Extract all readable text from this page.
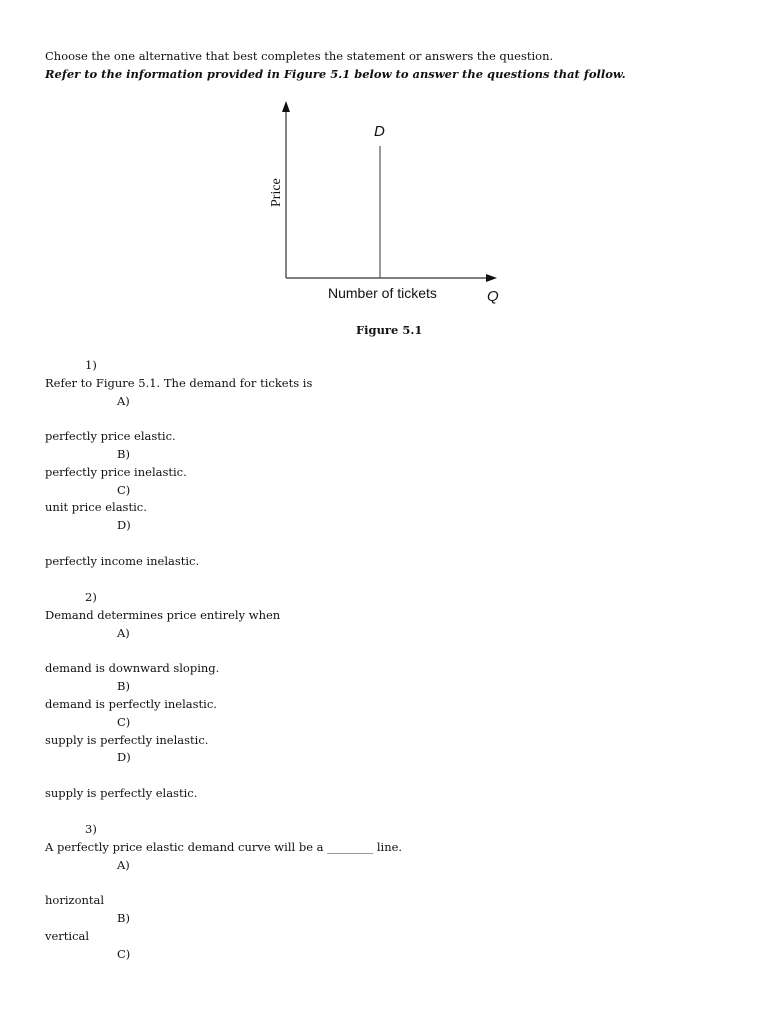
Choose the one alternative that best completes the statement or answers the question.
Refer to the information provided in Figure 5.1 below to answer the questions that follow.
D
Price
Number of tickets	Q
Figure 5.1
1)
Refer to Figure 5.1. The demand for tickets is
A)
perfectly price elastic.
B)
perfectly price inelastic.
C)
unit price elastic.
D)
perfectly income inelastic.
2)
Demand determines price entirely when
A)
demand is downward sloping.
B)
demand is perfectly inelastic.
C)
supply is perfectly inelastic.
D)
supply is perfectly elastic.
3)
A perfectly price elastic demand curve will be a ________ line.
A)
horizontal
B)
vertical
C)
